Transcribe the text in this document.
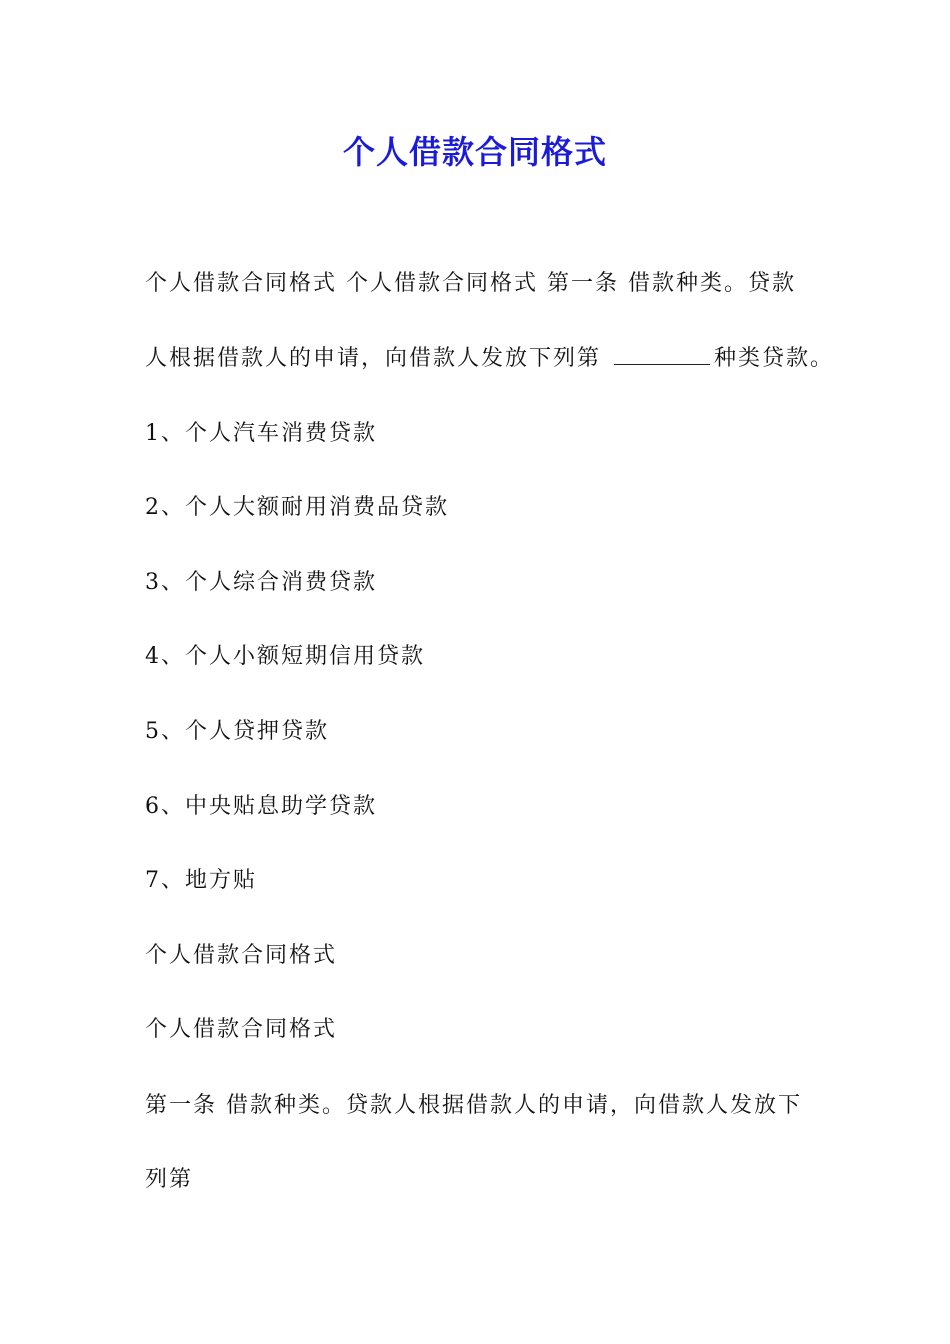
个人借款合同格式
个人借款合同格式 个人借款合同格式 第一条 借款种类。贷款
人根据借款人的申请，向借款人发放下列第	种类贷款。
1、个人汽车消费贷款
2、个人大额耐用消费品贷款
3、个人综合消费贷款
4、个人小额短期信用贷款
5、个人贷押贷款
6、中央贴息助学贷款
7、地方贴
个人借款合同格式
个人借款合同格式
第一条 借款种类。贷款人根据借款人的申请，向借款人发放下
列第
